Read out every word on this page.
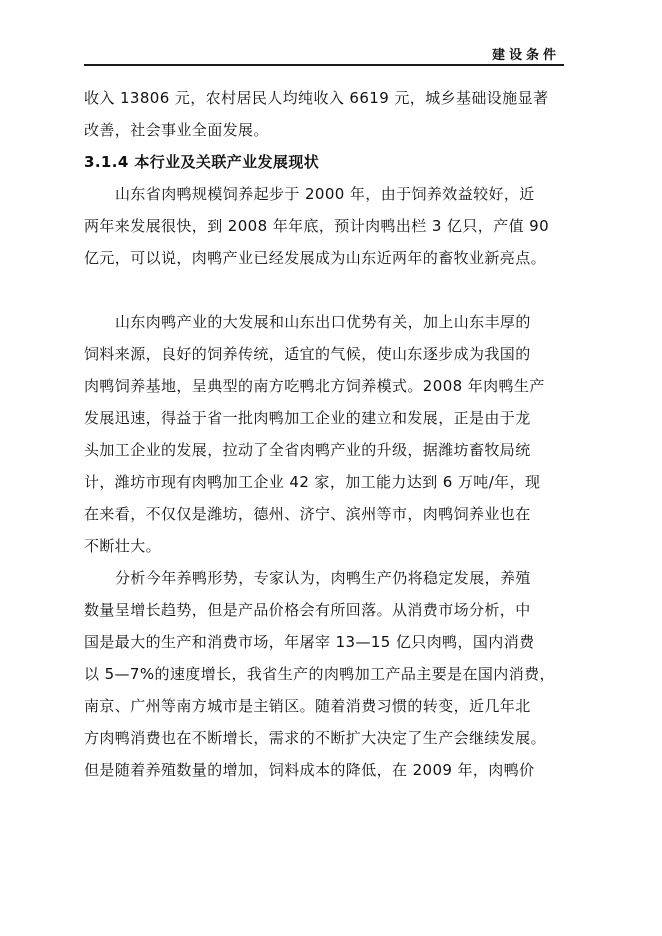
建设条件
收入 13806 元，农村居民人均纯收入 6619 元，城乡基础设施显著
改善，社会事业全面发展。
3.1.4 本行业及关联产业发展现状
山东省肉鸭规模饲养起步于 2000 年，由于饲养效益较好，近
两年来发展很快，到 2008 年年底，预计肉鸭出栏 3 亿只，产值 90
亿元，可以说，肉鸭产业已经发展成为山东近两年的畜牧业新亮点。
山东肉鸭产业的大发展和山东出口优势有关，加上山东丰厚的
饲料来源，良好的饲养传统，适宜的气候，使山东逐步成为我国的
肉鸭饲养基地，呈典型的南方吃鸭北方饲养模式。2008 年肉鸭生产
发展迅速，得益于省一批肉鸭加工企业的建立和发展，正是由于龙
头加工企业的发展，拉动了全省肉鸭产业的升级，据潍坊畜牧局统
计，潍坊市现有肉鸭加工企业 42 家，加工能力达到 6 万吨/年，现
在来看，不仅仅是潍坊，德州、济宁、滨州等市，肉鸭饲养业也在
不断壮大。
分析今年养鸭形势，专家认为，肉鸭生产仍将稳定发展，养殖
数量呈增长趋势，但是产品价格会有所回落。从消费市场分析，中
国是最大的生产和消费市场，年屠宰 13—15 亿只肉鸭，国内消费
以 5—7%的速度增长，我省生产的肉鸭加工产品主要是在国内消费，
南京、广州等南方城市是主销区。随着消费习惯的转变，近几年北
方肉鸭消费也在不断增长，需求的不断扩大决定了生产会继续发展。
但是随着养殖数量的增加，饲料成本的降低，在 2009 年，肉鸭价
